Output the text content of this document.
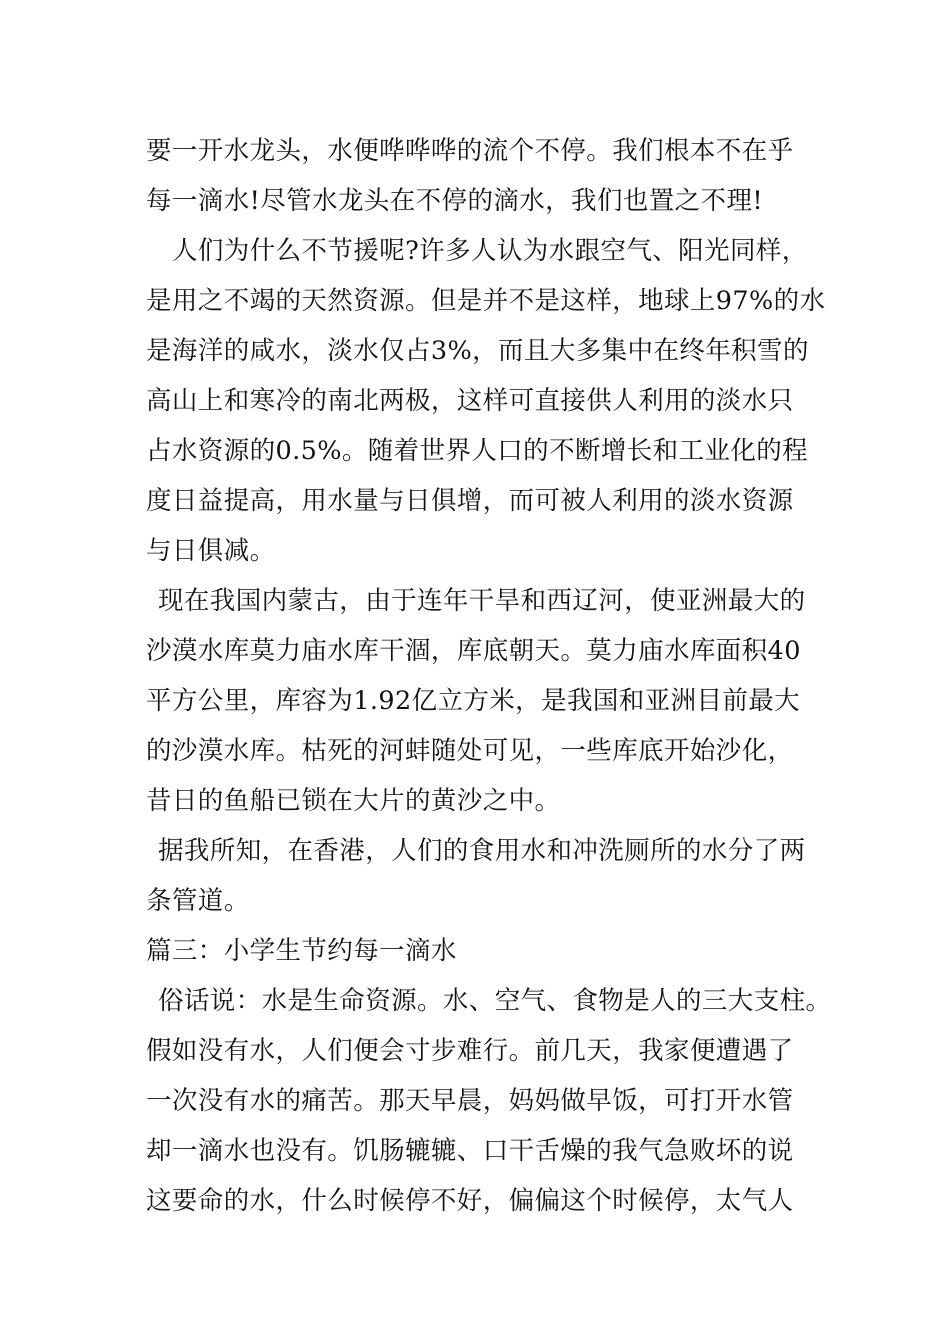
要一开水龙头，水便哗哗哗的流个不停。我们根本不在乎
每一滴水!尽管水龙头在不停的滴水，我们也置之不理!
人们为什么不节援呢?许多人认为水跟空气、阳光同样，
是用之不竭的天然资源。但是并不是这样，地球上97%的水
是海洋的咸水，淡水仅占3%，而且大多集中在终年积雪的
高山上和寒冷的南北两极，这样可直接供人利用的淡水只
占水资源的0.5%。随着世界人口的不断增长和工业化的程
度日益提高，用水量与日俱增，而可被人利用的淡水资源
与日俱减。
现在我国内蒙古，由于连年干旱和西辽河，使亚洲最大的
沙漠水库莫力庙水库干涸，库底朝天。莫力庙水库面积40
平方公里，库容为1.92亿立方米，是我国和亚洲目前最大
的沙漠水库。枯死的河蚌随处可见，一些库底开始沙化，
昔日的鱼船已锁在大片的黄沙之中。
据我所知，在香港，人们的食用水和冲洗厕所的水分了两
条管道。
篇三：小学生节约每一滴水
俗话说：水是生命资源。水、空气、食物是人的三大支柱。
假如没有水，人们便会寸步难行。前几天，我家便遭遇了
一次没有水的痛苦。那天早晨，妈妈做早饭，可打开水管
却一滴水也没有。饥肠辘辘、口干舌燥的我气急败坏的说
这要命的水，什么时候停不好，偏偏这个时候停，太气人
